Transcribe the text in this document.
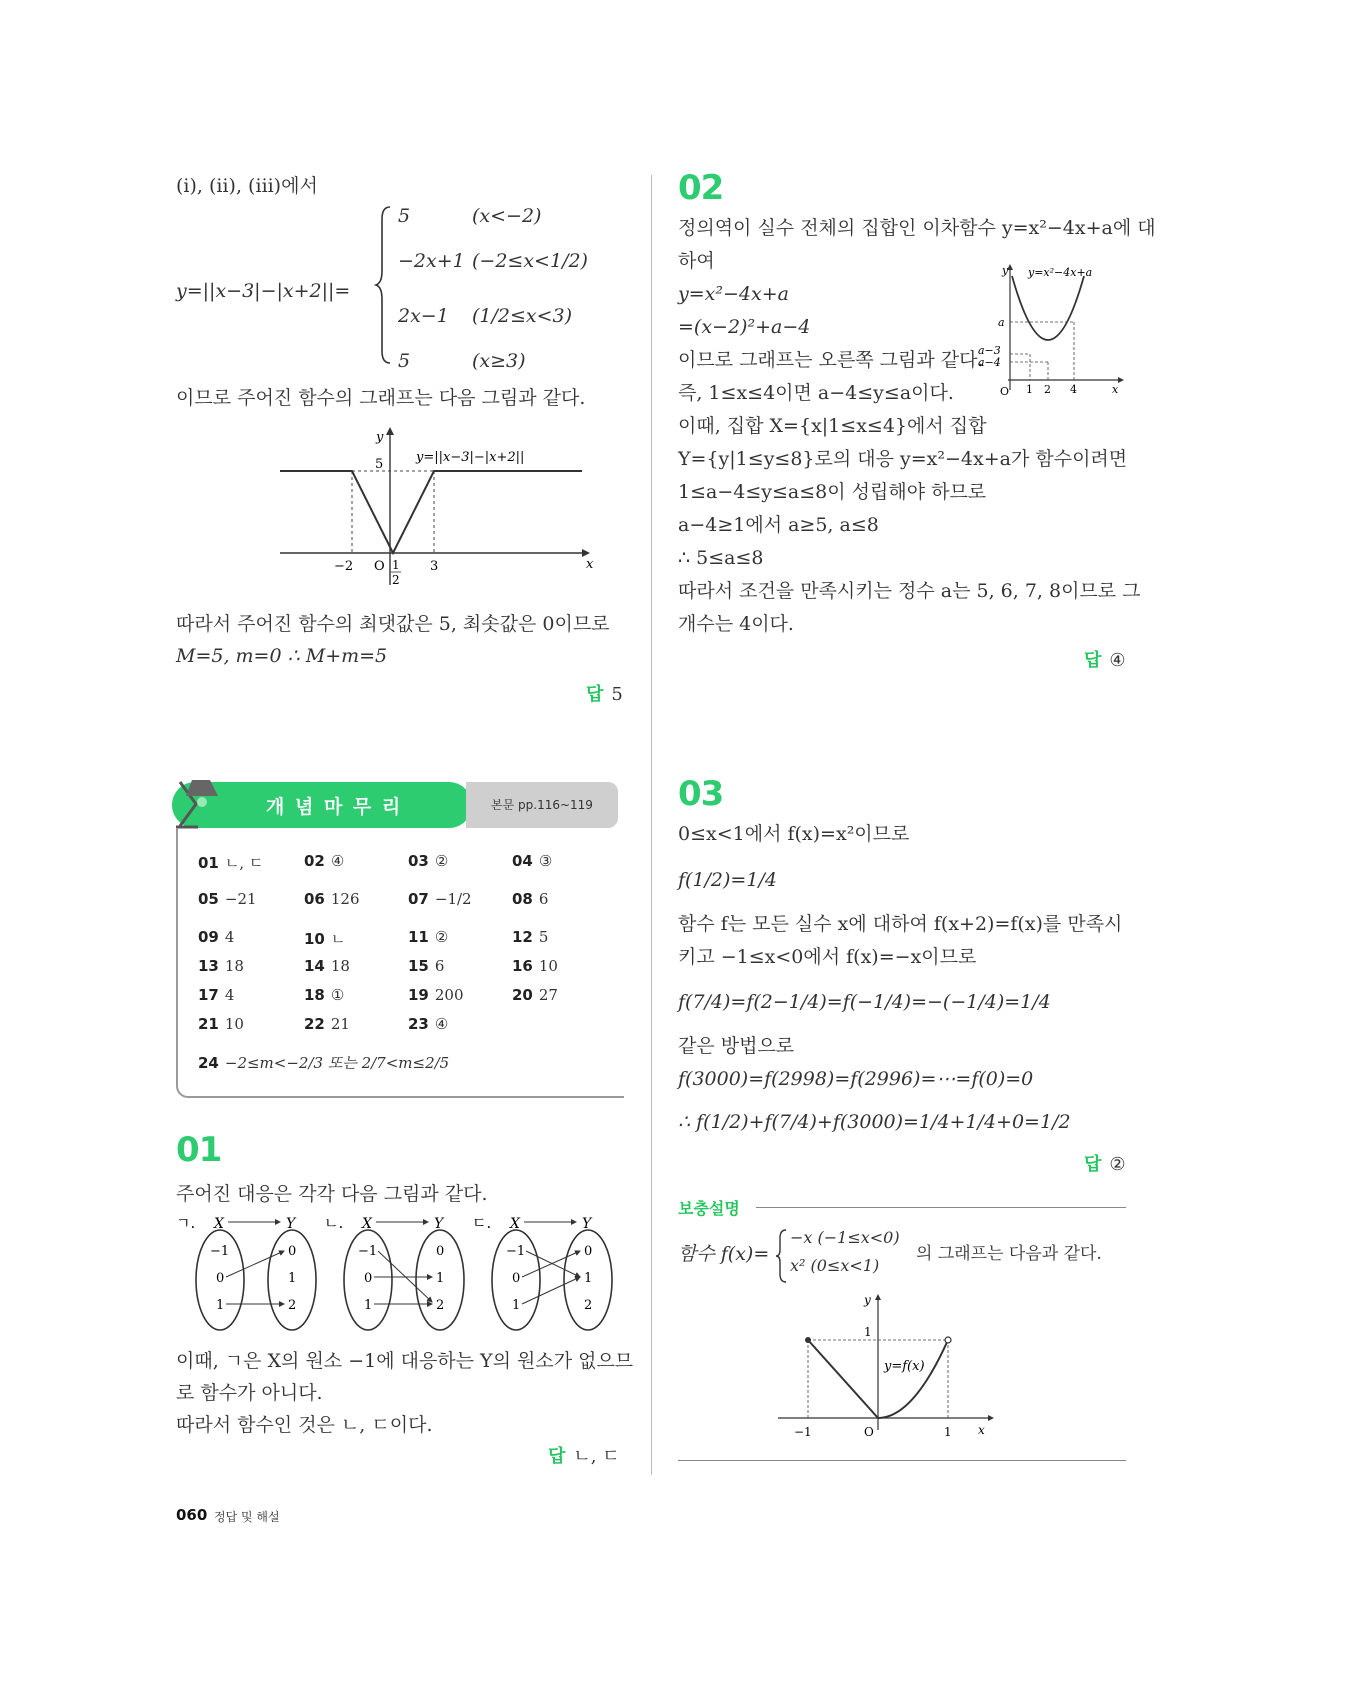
(ⅰ), (ⅱ), (ⅲ)에서
y=||x−3|−|x+2||=
5	(x<−2)
−2x+1 (−2≤x<1/2)
2x−1 (1/2≤x<3)
5	(x≥3)
이므로 주어진 함수의 그래프는 다음 그림과 같다.
y
x
5	y=||x−3|−|x+2||
−2 O 1
2
3
따라서 주어진 함수의 최댓값은 5, 최솟값은 0이므로
M=5, m=0 ∴ M+m=5
답 5
개 념 마 무 리	본문 pp.116~119
01 ㄴ, ㄷ	02 ④	03 ②	04 ③
05 −21	06 126	07 −1/2	08 6
09 4	10 ㄴ	11 ②	12 5
13 18	14 18	15 6	16 10
17 4	18 ①	19 200	20 27
21 10	22 21	23 ④
24 −2≤m<−2/3 또는 2/7<m≤2/5
01
주어진 대응은 각각 다음 그림과 같다.
ㄱ. X	Y
−1
0
1
0
1
2
ㄴ. X	Y
−1
0
1
0
1
2
ㄷ. X	Y
−1
0
1
0
1
2
이때, ㄱ은 X의 원소 −1에 대응하는 Y의 원소가 없으므
로 함수가 아니다.
따라서 함수인 것은 ㄴ, ㄷ이다.
답 ㄴ, ㄷ
02
정의역이 실수 전체의 집합인 이차함수 y=x²−4x+a에 대
하여
y=x²−4x+a
=(x−2)²+a−4
이므로 그래프는 오른쪽 그림과 같다.
즉, 1≤x≤4이면 a−4≤y≤a이다.
이때, 집합 X={x|1≤x≤4}에서 집합
Y={y|1≤y≤8}로의 대응 y=x²−4x+a가 함수이려면
1≤a−4≤y≤a≤8이 성립해야 하므로
a−4≥1에서 a≥5, a≤8
∴ 5≤a≤8
따라서 조건을 만족시키는 정수 a는 5, 6, 7, 8이므로 그
개수는 4이다.
y y=x²−4x+a
a
a−3
a−4
O 1 2 4	x
답 ④
03
0≤x<1에서 f(x)=x²이므로
f(1/2)=1/4
함수 f는 모든 실수 x에 대하여 f(x+2)=f(x)를 만족시
키고 −1≤x<0에서 f(x)=−x이므로
f(7/4)=f(2−1/4)=f(−1/4)=−(−1/4)=1/4
같은 방법으로
f(3000)=f(2998)=f(2996)=⋯=f(0)=0
∴ f(1/2)+f(7/4)+f(3000)=1/4+1/4+0=1/2
답 ②
보충설명
함수 f(x)=
−x (−1≤x<0)
x² (0≤x<1)
의 그래프는 다음과 같다.
y
1
y=f(x)
−1	O	1 x
060 정답 및 해설
